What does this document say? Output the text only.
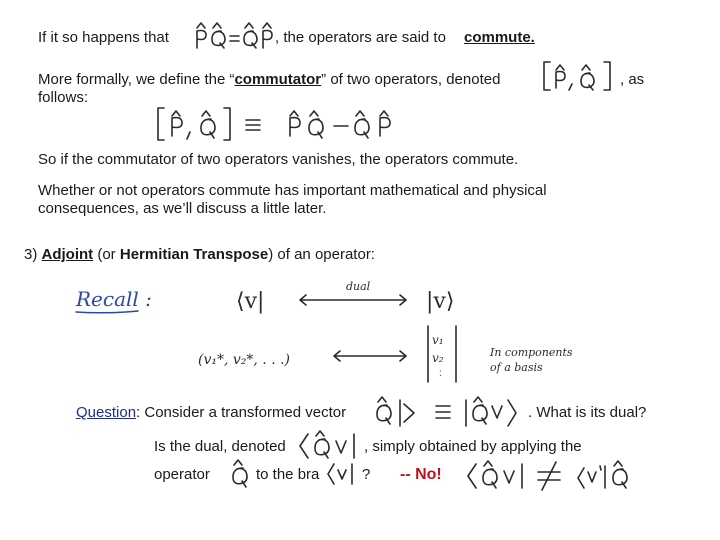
If it so happens that	, the operators are said to commute.
More formally, we define the “commutator” of two operators, denoted	, as
follows:
So if the commutator of two operators vanishes, the operators commute.
Whether or not operators commute has important mathematical and physical
consequences, as we’ll discuss a little later.
3) Adjoint (or Hermitian Transpose) of an operator:
Recall :	⟨v|
dual
|v⟩
(v₁*, v₂*, . . .)
v₁
v₂
:
In components
of a basis
Question: Consider a transformed vector	. What is its dual?
Is the dual, denoted	, simply obtained by applying the
operator	to the bra	? -- No!
